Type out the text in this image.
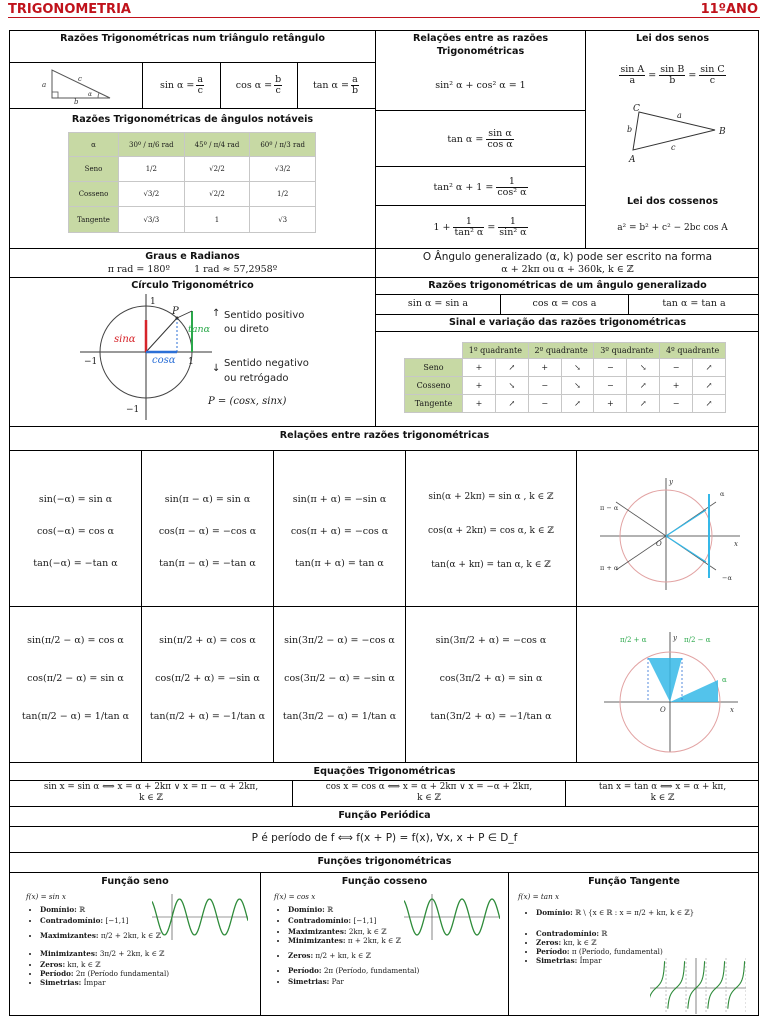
TRIGONOMETRIA	11ºANO
Razões Trigonométricas num triângulo retângulo
a
c
b
α
$\sin \alpha = \frac{a}{c}$	$\cos \alpha = \frac{b}{c}$	$\tan \alpha = \frac{a}{b}$
Razões Trigonométricas de ângulos notáveis
α	30º / π/6 rad	45º / π/4 rad	60º / π/3 rad
Seno	1/2	√2/2	√3/2
Cosseno	√3/2	√2/2	1/2
Tangente	√3/3	1	√3
Relações entre as razões Trigonométricas
sin² α + cos² α = 1
$\tan \alpha = \frac{\text{sin α}}{\text{cos α}}$
tan² $\alpha + 1 = \frac{1}{\text{cos² α}}$
$1 + \frac{1}{\text{tan² α}} = \frac{1}{\text{sin² α}}$
Lei dos senos
$\frac{\text{sin A}}{a} = \frac{\text{sin B}}{b} = \frac{\text{sin C}}{c}$
C
A
B
b
a
c
Lei dos cossenos
a² = b² + c² − 2bc cos A
Graus e Radianos
π rad = 180º        1 rad ≈ 57,2958º
O Ângulo generalizado (α, k) pode ser escrito na forma
α + 2kπ ou α + 360k, k ∈ ℤ
Círculo Trigonométrico
sinα
cosα
P
−1	1
1
−1
tanα
↑ Sentido positivo
ou direto
↓ Sentido negativo
ou retrógado
P = (cosx, sinx)
Razões trigonométricas de um ângulo generalizado
sin α = sin a	cos α = cos a	tan α = tan a
Sinal e variação das razões trigonométricas
	1º quadrante		2º quadrante		3º quadrante		4º quadrante	
Seno	+	↗	+	↘	−	↘	−	↗
Cosseno	+	↘	−	↘	−	↗	+	↗
Tangente	+	↗	−	↗	+	↗	−	↗
Relações entre razões trigonométricas
sin(−α) = sin α
cos(−α) = cos α
tan(−α) = −tan α
sin(π − α) = sin α
cos(π − α) = −cos α
tan(π − α) = −tan α
sin(π + α) = −sin α
cos(π + α) = −cos α
tan(π + α) = tan α
sin(α + 2kπ) = sin α , k ∈ ℤ
cos(α + 2kπ) = cos α, k ∈ ℤ
tan(α + kπ) = tan α, k ∈ ℤ
π − α
π + α
−α
α
O	x
y
sin(π/2 − α) = cos α
cos(π/2 − α) = sin α
tan(π/2 − α) = 1/tan α
sin(π/2 + α) = cos α
cos(π/2 + α) = −sin α
tan(π/2 + α) = −1/tan α
sin(3π/2 − α) = −cos α
cos(3π/2 − α) = −sin α
tan(3π/2 − α) = 1/tan α
sin(3π/2 + α) = −cos α
cos(3π/2 + α) = sin α
tan(3π/2 + α) = −1/tan α
π/2 + α	π/2 − α
α
O	x
y
Equações Trigonométricas
sin x = sin α ⟺ x = α + 2kπ ∨ x = π − α + 2kπ,
k ∈ ℤ
cos x = cos α ⟺ x = α + 2kπ ∨ x = −α + 2kπ,
k ∈ ℤ
tan x = tan α ⟺ x = α + kπ,
k ∈ ℤ
Função Periódica
P é período de f ⟺ f(x + P) = f(x), ∀x, x + P ∈ D_f
Funções trigonométricas
Função seno
f(x) = sin x
• Domínio: ℝ
• Contradomínio: [−1,1]
• Maximizantes: π/2 + 2kπ, k ∈ ℤ
• Minimizantes: 3π/2 + 2kπ, k ∈ ℤ
• Zeros: kπ, k ∈ ℤ
• Período: 2π (Período fundamental)
• Simetrias: Ímpar
Função cosseno
f(x) = cos x
• Domínio: ℝ
• Contradomínio: [−1,1]
• Maximizantes: 2kπ, k ∈ ℤ
• Minimizantes: π + 2kπ, k ∈ ℤ
• Zeros: π/2 + kπ, k ∈ ℤ
• Período: 2π (Período, fundamental)
• Simetrias: Par
Função Tangente
f(x) = tan x
• Domínio: ℝ \ {x ∈ ℝ : x = π/2 + kπ, k ∈ ℤ}
• Contradomínio: ℝ
• Zeros: kπ, k ∈ ℤ
• Período: π (Período, fundamental)
• Simetrias: Ímpar
